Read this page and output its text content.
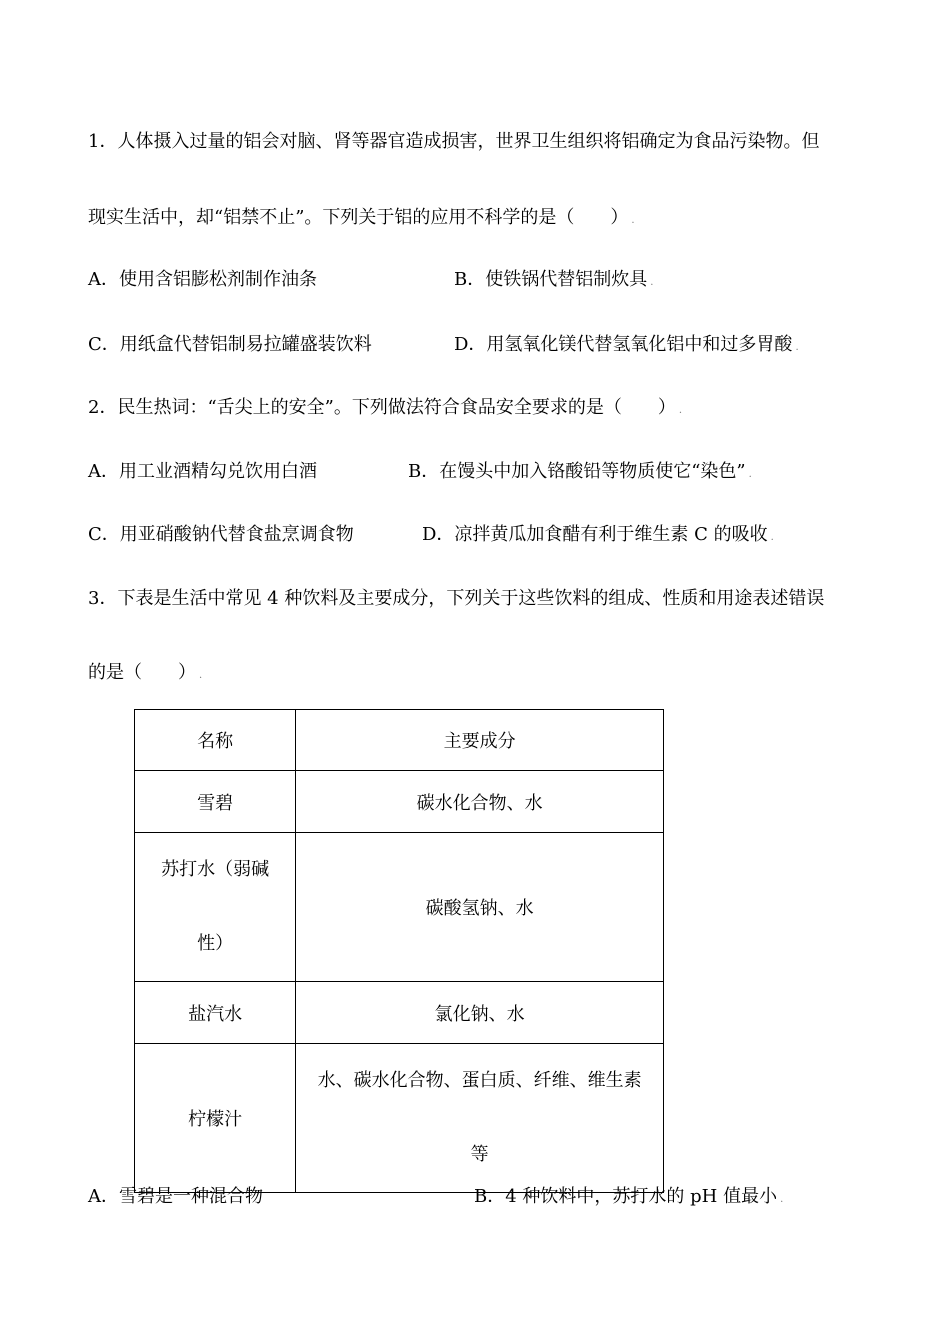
1．人体摄入过量的铝会对脑、肾等器官造成损害，世界卫生组织将铝确定为食品污染物。但
现实生活中，却“铝禁不止”。下列关于铝的应用不科学的是（　　） .
A．使用含铝膨松剂制作油条	B．使铁锅代替铝制炊具 .
C．用纸盒代替铝制易拉罐盛装饮料	D．用氢氧化镁代替氢氧化铝中和过多胃酸 .
2．民生热词：“舌尖上的安全”。下列做法符合食品安全要求的是（　　） .
A．用工业酒精勾兑饮用白酒	B．在馒头中加入铬酸铅等物质使它“染色” .
C．用亚硝酸钠代替食盐烹调食物	D．凉拌黄瓜加食醋有利于维生素 C 的吸收 .
3．下表是生活中常见 4 种饮料及主要成分，下列关于这些饮料的组成、性质和用途表述错误
的是（　　） .
名称	主要成分
雪碧	碳水化合物、水
苏打水（弱碱
性）	碳酸氢钠、水
盐汽水	氯化钠、水
柠檬汁	水、碳水化合物、蛋白质、纤维、维生素
等
A．雪碧是一种混合物	B．4 种饮料中，苏打水的 pH 值最小 .
